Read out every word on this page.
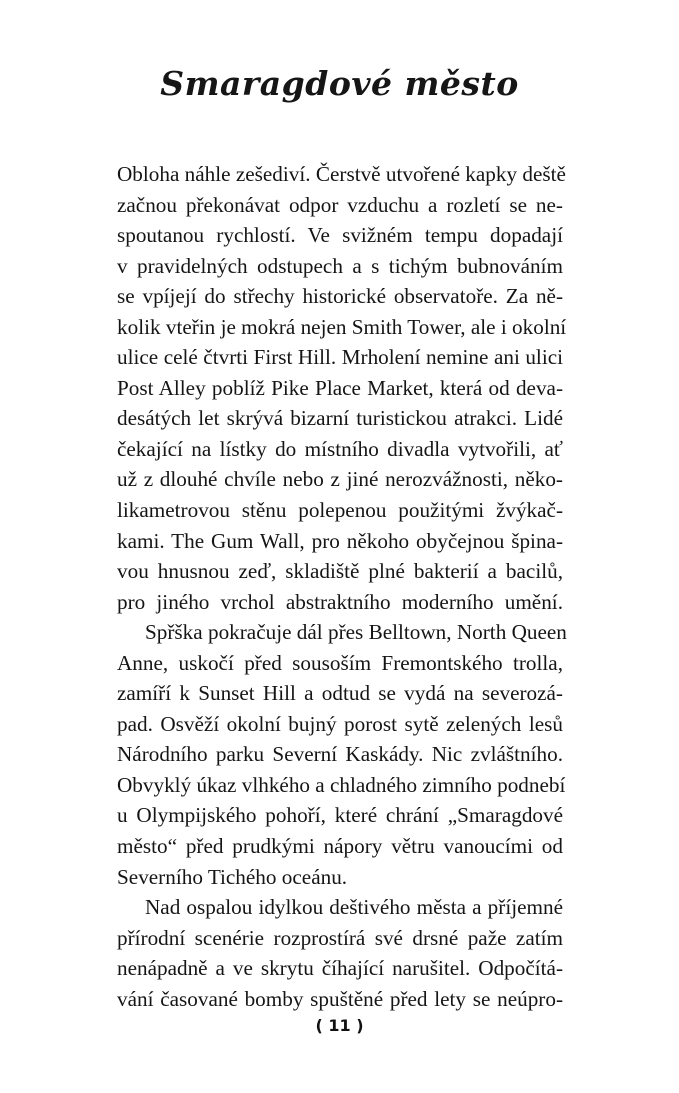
Smaragdové město
Obloha náhle zešediví. Čerstvě utvořené kapky deště
začnou překonávat odpor vzduchu a rozletí se ne-
spoutanou rychlostí. Ve svižném tempu dopadají
v pravidelných odstupech a s tichým bubnováním
se vpíjejí do střechy historické observatoře. Za ně-
kolik vteřin je mokrá nejen Smith Tower, ale i okolní
ulice celé čtvrti First Hill. Mrholení nemine ani ulici
Post Alley poblíž Pike Place Market, která od deva-
desátých let skrývá bizarní turistickou atrakci. Lidé
čekající na lístky do místního divadla vytvořili, ať
už z dlouhé chvíle nebo z jiné nerozvážnosti, něko-
likametrovou stěnu polepenou použitými žvýkač-
kami. The Gum Wall, pro někoho obyčejnou špina-
vou hnusnou zeď, skladiště plné bakterií a bacilů,
pro jiného vrchol abstraktního moderního umění.
Spřška pokračuje dál přes Belltown, North Queen
Anne, uskočí před sousoším Fremontského trolla,
zamíří k Sunset Hill a odtud se vydá na severozá-
pad. Osvěží okolní bujný porost sytě zelených lesů
Národního parku Severní Kaskády. Nic zvláštního.
Obvyklý úkaz vlhkého a chladného zimního podnebí
u Olympijského pohoří, které chrání „Smaragdové
město“ před prudkými nápory větru vanoucími od
Severního Tichého oceánu.
Nad ospalou idylkou deštivého města a příjemné
přírodní scenérie rozprostírá své drsné paže zatím
nenápadně a ve skrytu číhající narušitel. Odpočítá-
vání časované bomby spuštěné před lety se neúpro-
( 11 )
